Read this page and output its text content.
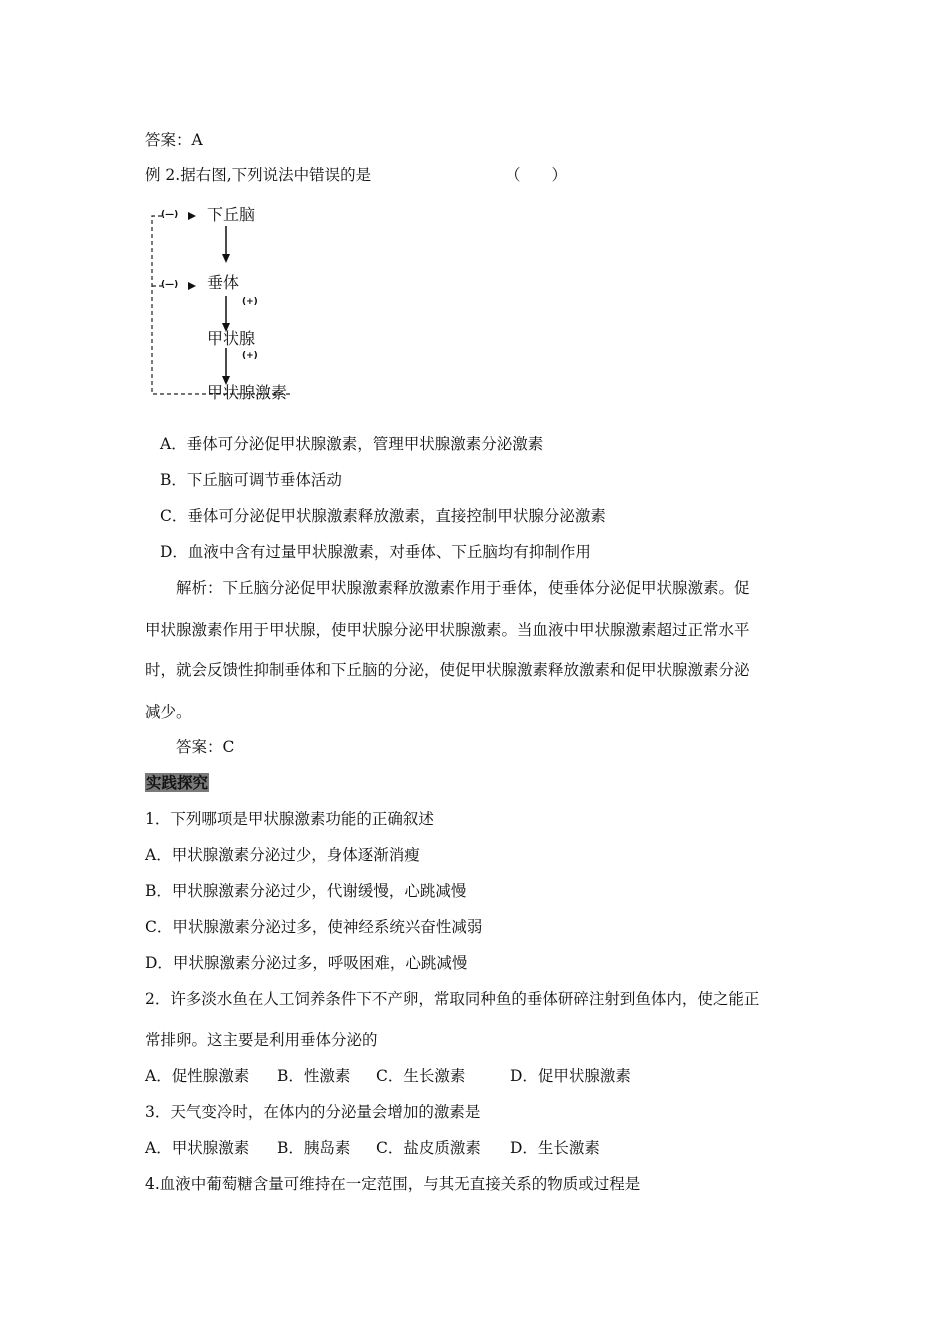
答案：A
例 2.据右图,下列说法中错误的是	（　　）
(—)
(—)
下丘脑
垂体
(+)
甲状腺
(+)
甲状腺激素
A．垂体可分泌促甲状腺激素，管理甲状腺激素分泌激素
B．下丘脑可调节垂体活动
C．垂体可分泌促甲状腺激素释放激素，直接控制甲状腺分泌激素
D．血液中含有过量甲状腺激素，对垂体、下丘脑均有抑制作用
解析：下丘脑分泌促甲状腺激素释放激素作用于垂体，使垂体分泌促甲状腺激素。促
甲状腺激素作用于甲状腺，使甲状腺分泌甲状腺激素。当血液中甲状腺激素超过正常水平
时，就会反馈性抑制垂体和下丘脑的分泌，使促甲状腺激素释放激素和促甲状腺激素分泌
减少。
答案：C
实践探究
1．下列哪项是甲状腺激素功能的正确叙述
A．甲状腺激素分泌过少，身体逐渐消瘦
B．甲状腺激素分泌过少，代谢缓慢，心跳减慢
C．甲状腺激素分泌过多，使神经系统兴奋性减弱
D．甲状腺激素分泌过多，呼吸困难，心跳减慢
2．许多淡水鱼在人工饲养条件下不产卵，常取同种鱼的垂体研碎注射到鱼体内，使之能正
常排卵。这主要是利用垂体分泌的
A．促性腺激素 B．性激素 C．生长激素	D．促甲状腺激素
3．天气变冷时，在体内的分泌量会增加的激素是
A．甲状腺激素 B．胰岛素 C．盐皮质激素 D．生长激素
4.血液中葡萄糖含量可维持在一定范围，与其无直接关系的物质或过程是
